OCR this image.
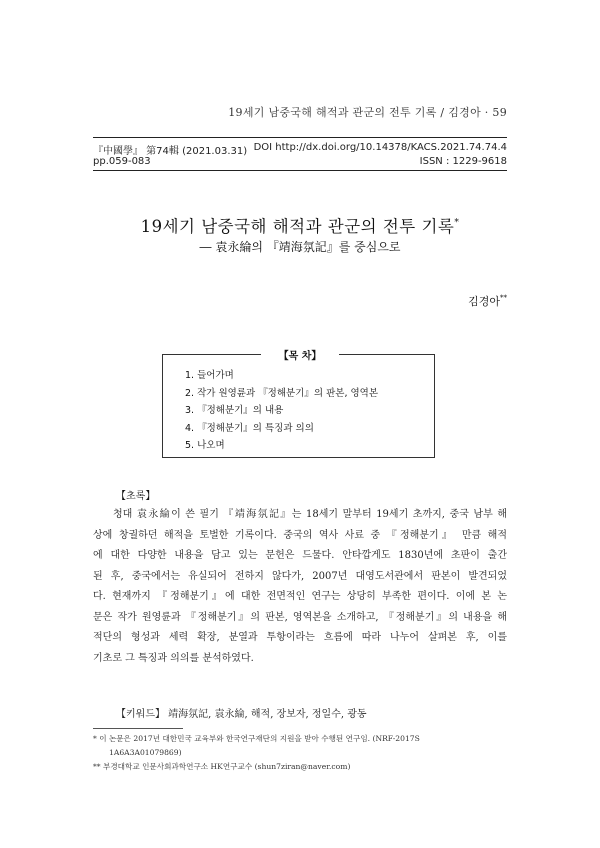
19세기 남중국해 해적과 관군의 전투 기록 / 김경아 · 59
『中國學』 第74輯 (2021.03.31) DOI http://dx.doi.org/10.14378/KACS.2021.74.74.4
pp.059-083	ISSN : 1229-9618
19세기 남중국해 해적과 관군의 전투 기록*
― 袁永綸의 『靖海氛記』를 중심으로
김경아**
【목 차】
1. 들어가며
2. 작가 원영륜과 『정해분기』의 판본, 영역본
3. 『정해분기』의 내용
4. 『정해분기』의 특징과 의의
5. 나오며
【초록】
청대 袁永綸이 쓴 필기 『靖海氛記』는 18세기 말부터 19세기 초까지, 중국 남부 해
상에 창궐하던 해적을 토벌한 기록이다. 중국의 역사 사료 중 『정해분기』 만큼 해적
에 대한 다양한 내용을 담고 있는 문헌은 드물다. 안타깝게도 1830년에 초판이 출간
된 후, 중국에서는 유실되어 전하지 않다가, 2007년 대영도서관에서 판본이 발견되었
다. 현재까지 『정해분기』에 대한 전면적인 연구는 상당히 부족한 편이다. 이에 본 논
문은 작가 원영륜과 『정해분기』의 판본, 영역본을 소개하고, 『정해분기』의 내용을 해
적단의 형성과 세력 확장, 분열과 투항이라는 흐름에 따라 나누어 살펴본 후, 이를
기초로 그 특징과 의의를 분석하였다.
【키워드】 靖海氛記, 袁永綸, 해적, 장보자, 정일수, 광동
* 이 논문은 2017년 대한민국 교육부와 한국연구재단의 지원을 받아 수행된 연구임. (NRF-2017S
1A6A3A01079869)
** 부경대학교 인문사회과학연구소 HK연구교수 (shun7ziran@naver.com)
